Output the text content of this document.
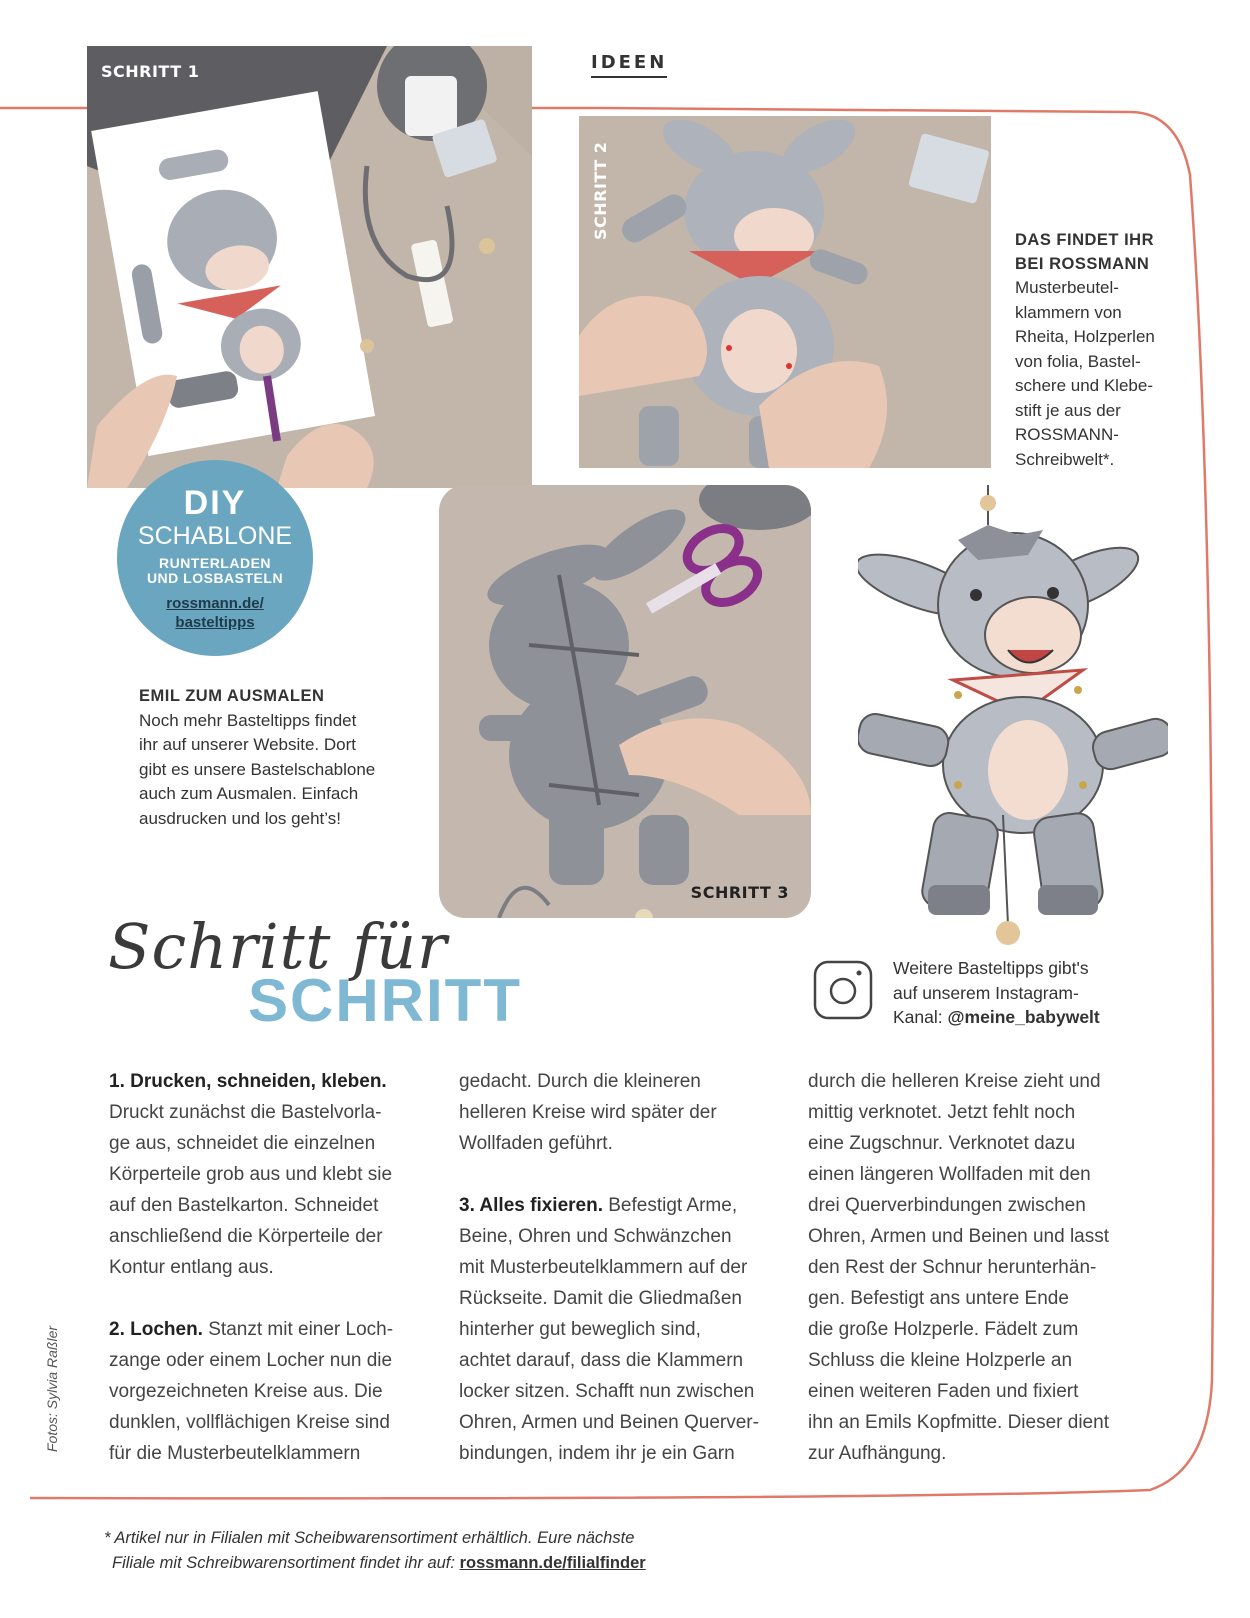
SCHRITT 1	IDEEN
SCHRITT 2	DAS FINDET IHR
BEI ROSSMANN
Musterbeutel-
klammern von
Rheita, Holzperlen
von folia, Bastel-
schere und Klebe-
stift je aus der
ROSSMANN-
Schreibwelt*.
DIY
SCHABLONE
RUNTERLADEN
UND LOSBASTELN
rossmann.de/
basteltipps
SCHRITT 3
EMIL ZUM AUSMALEN
Noch mehr Basteltipps findet
ihr auf unserer Website. Dort
gibt es unsere Bastelschablone
auch zum Ausmalen. Einfach
ausdrucken und los geht’s!
Schritt für
SCHRITT	Weitere Basteltipps gibt's
auf unserem Instagram-
Kanal: @meine_babywelt

1. Drucken, schneiden, kleben.

Druckt zunächst die Bastelvorla-

ge aus, schneidet die einzelnen

Körperteile grob aus und klebt sie

auf den Bastelkarton. Schneidet

anschließend die Körperteile der

Kontur entlang aus.

2. Lochen. Stanzt mit einer Loch-

zange oder einem Locher nun die

vorgezeichneten Kreise aus. Die

dunklen, vollflächigen Kreise sind

für die Musterbeutelklammern

gedacht. Durch die kleineren

helleren Kreise wird später der

Wollfaden geführt.

3. Alles fixieren. Befestigt Arme,

Beine, Ohren und Schwänzchen

mit Musterbeutelklammern auf der

Rückseite. Damit die Gliedmaßen

hinterher gut beweglich sind,

achtet darauf, dass die Klammern

locker sitzen. Schafft nun zwischen

Ohren, Armen und Beinen Querver-

bindungen, indem ihr je ein Garn

durch die helleren Kreise zieht und

mittig verknotet. Jetzt fehlt noch

eine Zugschnur. Verknotet dazu

einen längeren Wollfaden mit den

drei Querverbindungen zwischen

Ohren, Armen und Beinen und lasst

den Rest der Schnur herunterhän-

gen. Befestigt ans untere Ende

die große Holzperle. Fädelt zum

Schluss die kleine Holzperle an

einen weiteren Faden und fixiert

ihn an Emils Kopfmitte. Dieser dient

zur Aufhängung.

Fotos: Sylvia Raßler
* Artikel nur in Filialen mit Scheibwarensortiment erhältlich. Eure nächste
Filiale mit Schreibwarensortiment findet ihr auf: rossmann.de/filialfinder
